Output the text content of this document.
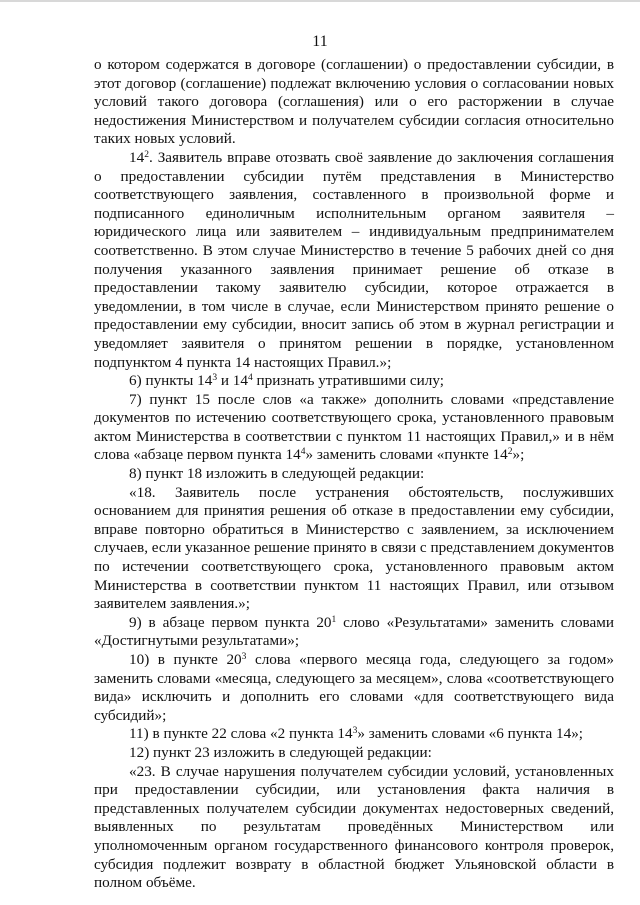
11

о котором содержатся в договоре (соглашении) о предоставлении субсидии, в этот договор (соглашение) подлежат включению условия о согласовании новых условий такого договора (соглашения) или о его расторжении в случае недостижения Министерством и получателем субсидии согласия относительно таких новых условий.

$14^2$. Заявитель вправе отозвать своё заявление до заключения соглашения о предоставлении субсидии путём представления в Министерство соответствующего заявления, составленного в произвольной форме и подписанного единоличным исполнительным органом заявителя – юридического лица или заявителем – индивидуальным предпринимателем соответственно. В этом случае Министерство в течение 5 рабочих дней со дня получения указанного заявления принимает решение об отказе в предоставлении такому заявителю субсидии, которое отражается в уведомлении, в том числе в случае, если Министерством принято решение о предоставлении ему субсидии, вносит запись об этом в журнал регистрации и уведомляет заявителя о принятом решении в порядке, установленном подпунктом 4 пункта 14 настоящих Правил.»;

6) пункты $14^3$ и $14^4$ признать утратившими силу;

7) пункт 15 после слов «а также» дополнить словами «представление документов по истечению соответствующего срока, установленного правовым актом Министерства в соответствии с пунктом 11 настоящих Правил,» и в нём слова «абзаце первом пункта $14^4$» заменить словами «пункте $14^2$»;

8) пункт 18 изложить в следующей редакции:

«18. Заявитель после устранения обстоятельств, послуживших основанием для принятия решения об отказе в предоставлении ему субсидии, вправе повторно обратиться в Министерство с заявлением, за исключением случаев, если указанное решение принято в связи с представлением документов по истечении соответствующего срока, установленного правовым актом Министерства в соответствии пунктом 11 настоящих Правил, или отзывом заявителем заявления.»;

9) в абзаце первом пункта $20^1$ слово «Результатами» заменить словами «Достигнутыми результатами»;

10) в пункте $20^3$ слова «первого месяца года, следующего за годом» заменить словами «месяца, следующего за месяцем», слова «соответствующего вида» исключить и дополнить его словами «для соответствующего вида субсидий»;

11) в пункте 22 слова «2 пункта $14^3$» заменить словами «6 пункта 14»;

12) пункт 23 изложить в следующей редакции:

«23. В случае нарушения получателем субсидии условий, установленных при предоставлении субсидии, или установления факта наличия в представленных получателем субсидии документах недостоверных сведений, выявленных по результатам проведённых Министерством или уполномоченным органом государственного финансового контроля проверок, субсидия подлежит возврату в областной бюджет Ульяновской области в полном объёме.
